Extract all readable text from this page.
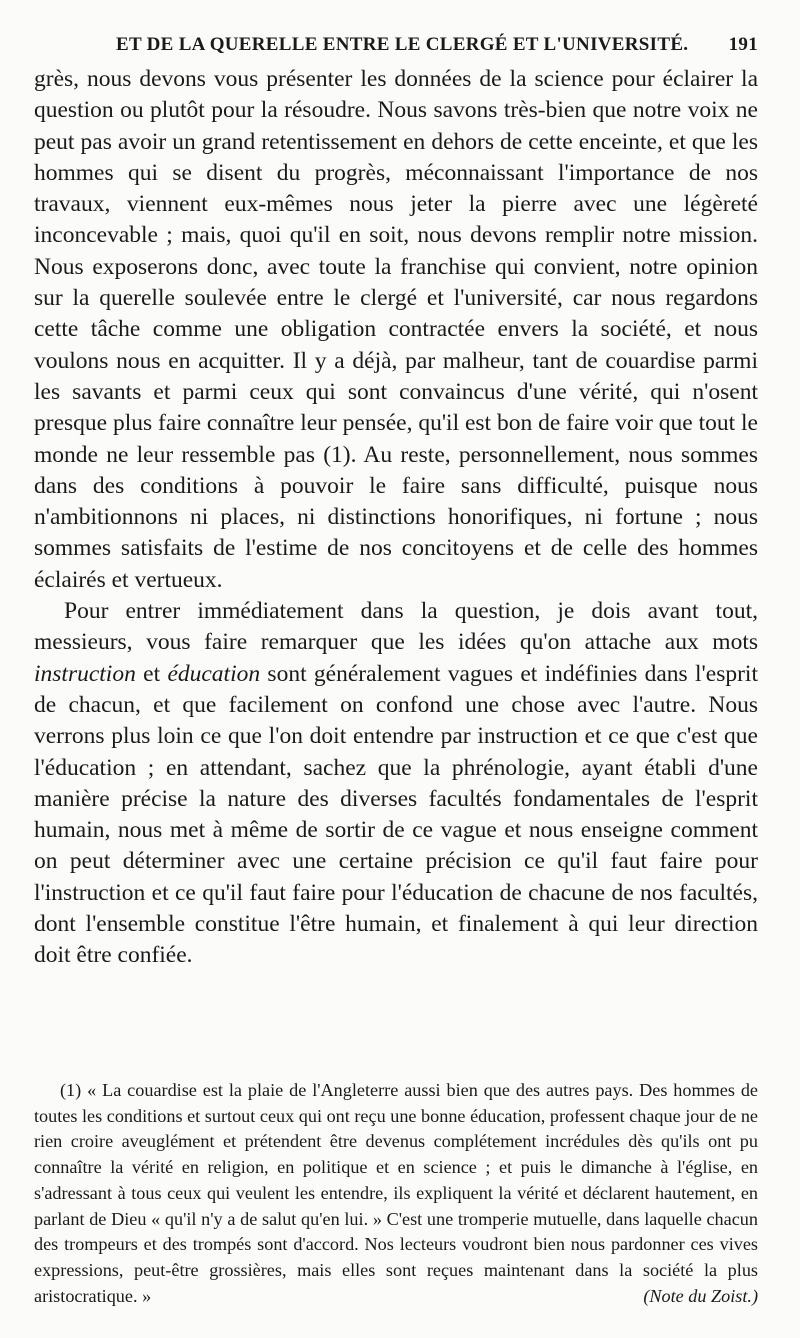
ET DE LA QUERELLE ENTRE LE CLERGÉ ET L'UNIVERSITÉ. 191

grès, nous devons vous présenter les données de la science pour éclairer la question ou plutôt pour la résoudre. Nous savons très-bien que notre voix ne peut pas avoir un grand retentissement en dehors de cette enceinte, et que les hommes qui se disent du progrès, méconnaissant l'importance de nos travaux, viennent eux-mêmes nous jeter la pierre avec une légèreté inconcevable ; mais, quoi qu'il en soit, nous devons remplir notre mission. Nous exposerons donc, avec toute la franchise qui convient, notre opinion sur la querelle soulevée entre le clergé et l'université, car nous regardons cette tâche comme une obligation contractée envers la société, et nous voulons nous en acquitter. Il y a déjà, par malheur, tant de couardise parmi les savants et parmi ceux qui sont convaincus d'une vérité, qui n'osent presque plus faire connaître leur pensée, qu'il est bon de faire voir que tout le monde ne leur ressemble pas (1). Au reste, personnellement, nous sommes dans des conditions à pouvoir le faire sans difficulté, puisque nous n'ambitionnons ni places, ni distinctions honorifiques, ni fortune ; nous sommes satisfaits de l'estime de nos concitoyens et de celle des hommes éclairés et vertueux.

Pour entrer immédiatement dans la question, je dois avant tout, messieurs, vous faire remarquer que les idées qu'on attache aux mots instruction et éducation sont généralement vagues et indéfinies dans l'esprit de chacun, et que facilement on confond une chose avec l'autre. Nous verrons plus loin ce que l'on doit entendre par instruction et ce que c'est que l'éducation ; en attendant, sachez que la phrénologie, ayant établi d'une manière précise la nature des diverses facultés fondamentales de l'esprit humain, nous met à même de sortir de ce vague et nous enseigne comment on peut déterminer avec une certaine précision ce qu'il faut faire pour l'instruction et ce qu'il faut faire pour l'éducation de chacune de nos facultés, dont l'ensemble constitue l'être humain, et finalement à qui leur direction doit être confiée.

(1) « La couardise est la plaie de l'Angleterre aussi bien que des autres pays. Des hommes de toutes les conditions et surtout ceux qui ont reçu une bonne éducation, professent chaque jour de ne rien croire aveuglément et prétendent être devenus complétement incrédules dès qu'ils ont pu connaître la vérité en religion, en politique et en science ; et puis le dimanche à l'église, en s'adressant à tous ceux qui veulent les entendre, ils expliquent la vérité et déclarent hautement, en parlant de Dieu « qu'il n'y a de salut qu'en lui. » C'est une tromperie mutuelle, dans laquelle chacun des trompeurs et des trompés sont d'accord. Nos lecteurs voudront bien nous pardonner ces vives expressions, peut-être grossières, mais elles sont reçues maintenant dans la société la plus aristocratique. »	(Note du Zoist.)
